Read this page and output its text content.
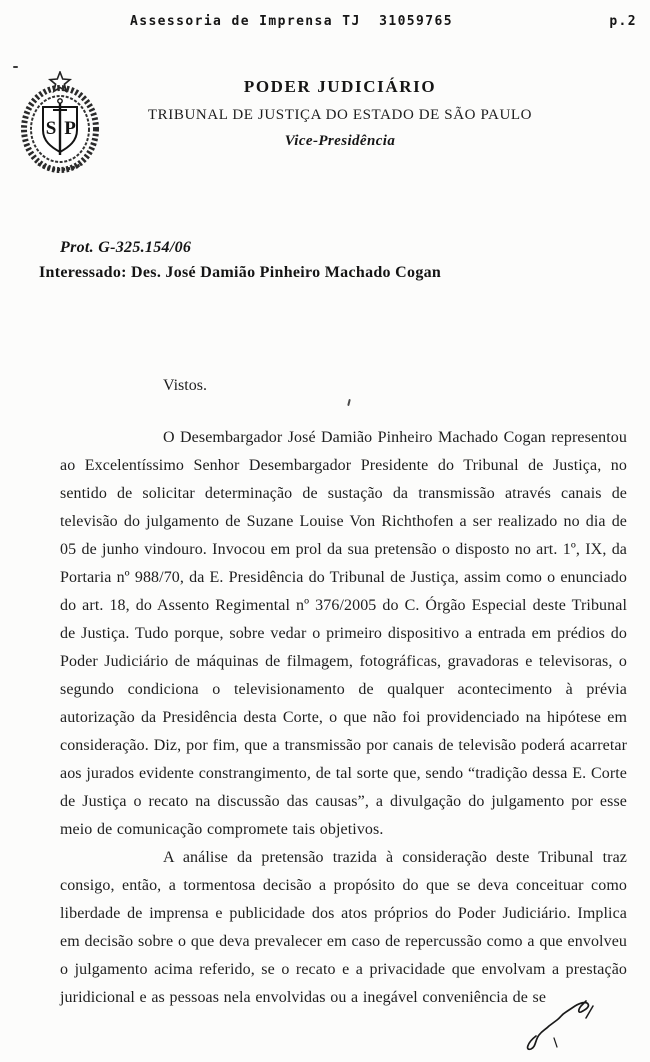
Assessoria de Imprensa TJ  31059765	p.2
S P
PODER JUDICIÁRIO
TRIBUNAL DE JUSTIÇA DO ESTADO DE SÃO PAULO
Vice-Presidência
Prot. G-325.154/06
Interessado: Des. José Damião Pinheiro Machado Cogan
Vistos.

O Desembargador José Damião Pinheiro Machado Cogan representou ao Excelentíssimo Senhor Desembargador Presidente do Tribunal de Justiça, no sentido de solicitar determinação de sustação da transmissão através canais de televisão do julgamento de Suzane Louise Von Richthofen a ser realizado no dia de 05 de junho vindouro. Invocou em prol da sua pretensão o disposto no art. 1º, IX, da Portaria nº 988/70, da E. Presidência do Tribunal de Justiça, assim como o enunciado do art. 18, do Assento Regimental nº 376/2005 do C. Órgão Especial deste Tribunal de Justiça. Tudo porque, sobre vedar o primeiro dispositivo a entrada em prédios do Poder Judiciário de máquinas de filmagem, fotográficas, gravadoras e televisoras, o segundo condiciona o televisionamento de qualquer acontecimento à prévia autorização da Presidência desta Corte, o que não foi providenciado na hipótese em consideração. Diz, por fim, que a transmissão por canais de televisão poderá acarretar aos jurados evidente constrangimento, de tal sorte que, sendo “tradição dessa E. Corte de Justiça o recato na discussão das causas”, a divulgação do julgamento por esse meio de comunicação compromete tais objetivos.

A análise da pretensão trazida à consideração deste Tribunal traz consigo, então, a tormentosa decisão a propósito do que se deva conceituar como liberdade de imprensa e publicidade dos atos próprios do Poder Judiciário. Implica em decisão sobre o que deva prevalecer em caso de repercussão como a que envolveu o julgamento acima referido, se o recato e a privacidade que envolvam a prestação juridicional e as pessoas nela envolvidas ou a inegável conveniência de se
